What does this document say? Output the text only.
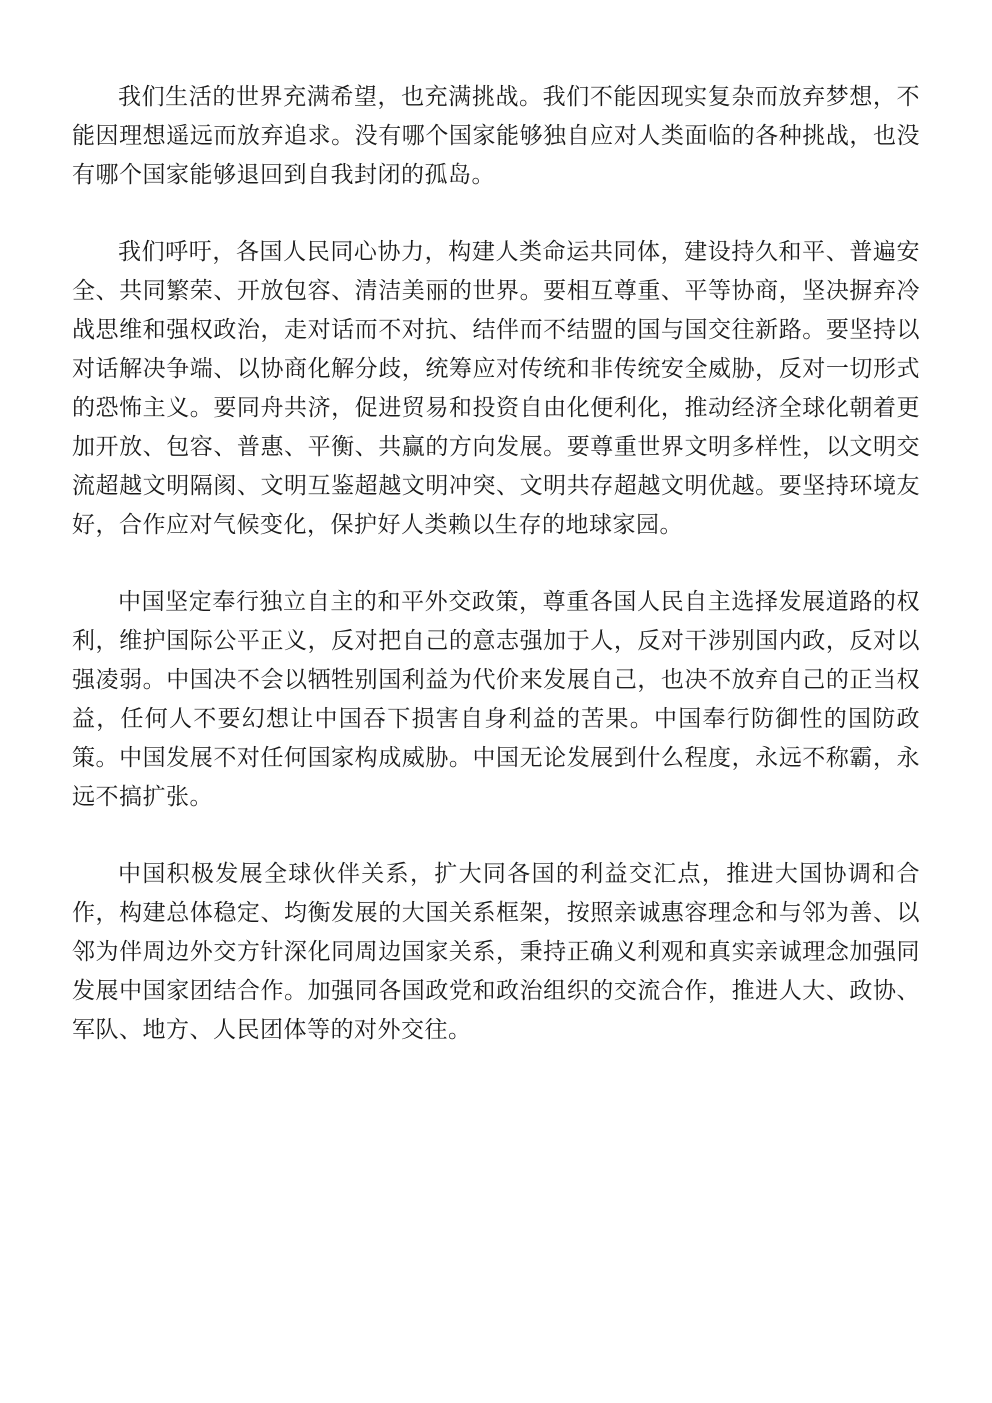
我们生活的世界充满希望，也充满挑战。我们不能因现实复杂而放弃梦想，不能因理想遥远而放弃追求。没有哪个国家能够独自应对人类面临的各种挑战，也没有哪个国家能够退回到自我封闭的孤岛。

我们呼吁，各国人民同心协力，构建人类命运共同体，建设持久和平、普遍安全、共同繁荣、开放包容、清洁美丽的世界。要相互尊重、平等协商，坚决摒弃冷战思维和强权政治，走对话而不对抗、结伴而不结盟的国与国交往新路。要坚持以对话解决争端、以协商化解分歧，统筹应对传统和非传统安全威胁，反对一切形式的恐怖主义。要同舟共济，促进贸易和投资自由化便利化，推动经济全球化朝着更加开放、包容、普惠、平衡、共赢的方向发展。要尊重世界文明多样性，以文明交流超越文明隔阂、文明互鉴超越文明冲突、文明共存超越文明优越。要坚持环境友好，合作应对气候变化，保护好人类赖以生存的地球家园。

中国坚定奉行独立自主的和平外交政策，尊重各国人民自主选择发展道路的权利，维护国际公平正义，反对把自己的意志强加于人，反对干涉别国内政，反对以强凌弱。中国决不会以牺牲别国利益为代价来发展自己，也决不放弃自己的正当权益，任何人不要幻想让中国吞下损害自身利益的苦果。中国奉行防御性的国防政策。中国发展不对任何国家构成威胁。中国无论发展到什么程度，永远不称霸，永远不搞扩张。

中国积极发展全球伙伴关系，扩大同各国的利益交汇点，推进大国协调和合作，构建总体稳定、均衡发展的大国关系框架，按照亲诚惠容理念和与邻为善、以邻为伴周边外交方针深化同周边国家关系，秉持正确义利观和真实亲诚理念加强同发展中国家团结合作。加强同各国政党和政治组织的交流合作，推进人大、政协、军队、地方、人民团体等的对外交往。
